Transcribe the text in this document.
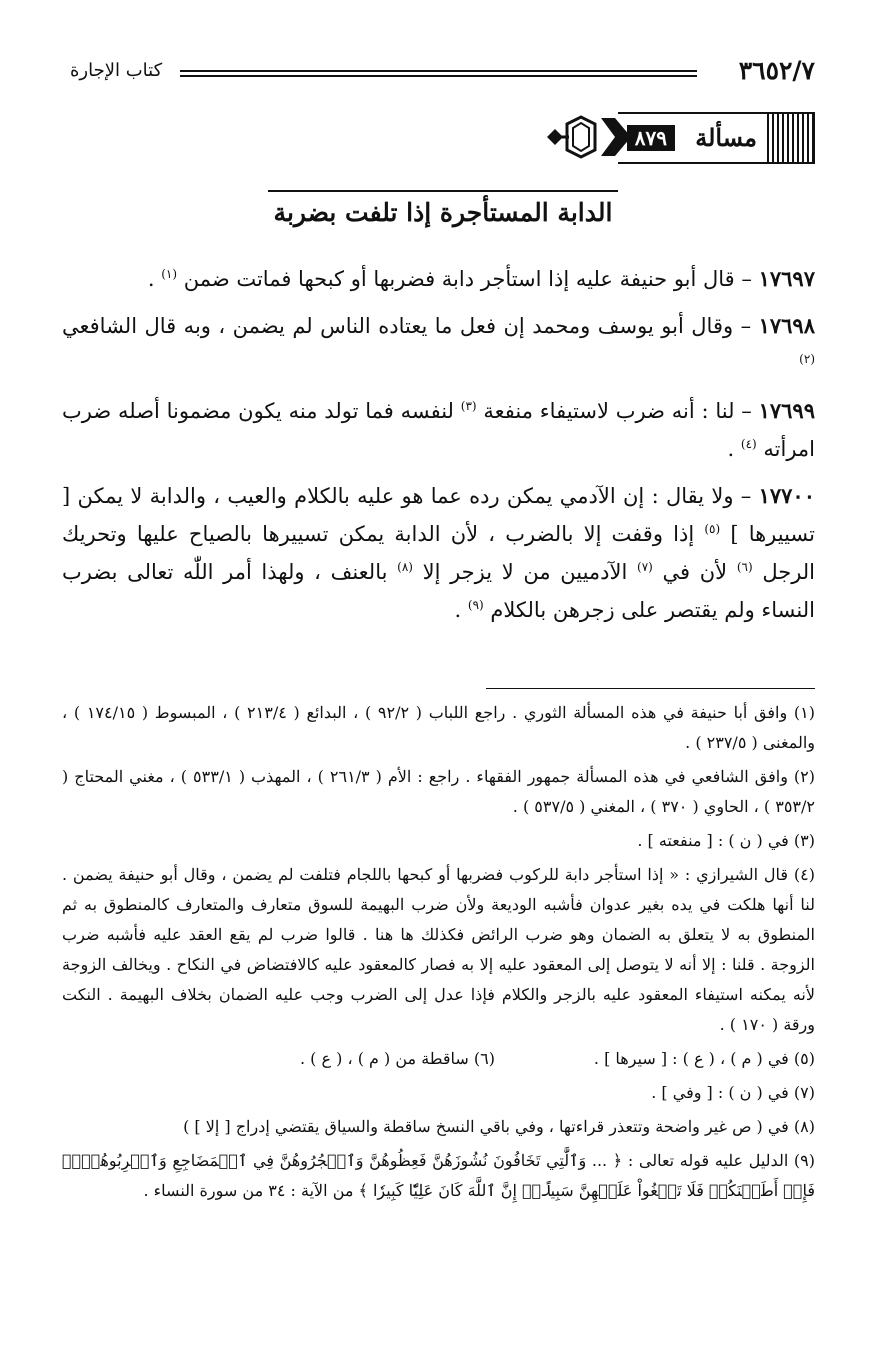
٣٦٥٢/٧
كتاب الإجارة
مسألة
٨٧٩
الدابة المستأجرة إذا تلفت بضربة

١٧٦٩٧ – قال أبو حنيفة عليه إذا استأجر دابة فضربها أو كبحها فماتت ضمن $^{(١)}$ .

١٧٦٩٨ – وقال أبو يوسف ومحمد إن فعل ما يعتاده الناس لم يضمن ، وبه قال الشافعي $^{(٢)}$

١٧٦٩٩ – لنا : أنه ضرب لاستيفاء منفعة $^{(٣)}$ لنفسه فما تولد منه يكون مضمونا أصله ضرب امرأته $^{(٤)}$ .

١٧٧٠٠ – ولا يقال : إن الآدمي يمكن رده عما هو عليه بالكلام والعيب ، والدابة لا يمكن [ تسييرها ] $^{(٥)}$ إذا وقفت إلا بالضرب ، لأن الدابة يمكن تسييرها بالصياح عليها وتحريك الرجل $^{(٦)}$ لأن في $^{(٧)}$ الآدميين من لا يزجر إلا $^{(٨)}$ بالعنف ، ولهذا أمر اللّٰه تعالى بضرب النساء ولم يقتصر على زجرهن بالكلام $^{(٩)}$ .

(١) وافق أبا حنيفة في هذه المسألة الثوري . راجع اللباب ( ٩٢/٢ ) ، البدائع ( ٢١٣/٤ ) ، المبسوط ( ١٧٤/١٥ ) ، والمغنى ( ٢٣٧/٥ ) .

(٢) وافق الشافعي في هذه المسألة جمهور الفقهاء . راجع : الأم ( ٢٦١/٣ ) ، المهذب ( ٥٣٣/١ ) ، مغني المحتاج ( ٣٥٣/٢ ) ، الحاوي ( ٣٧٠ ) ، المغني ( ٥٣٧/٥ ) .

(٣) في ( ن ) : [ منفعته ] .

(٤) قال الشيرازي : « إذا استأجر دابة للركوب فضربها أو كبحها باللجام فتلفت لم يضمن ، وقال أبو حنيفة يضمن . لنا أنها هلكت في يده بغير عدوان فأشبه الوديعة ولأن ضرب البهيمة للسوق متعارف والمتعارف كالمنطوق به ثم المنطوق به لا يتعلق به الضمان وهو ضرب الرائض فكذلك ها هنا . قالوا ضرب لم يقع العقد عليه فأشبه ضرب الزوجة . قلنا : إلا أنه لا يتوصل إلى المعقود عليه إلا به فصار كالمعقود عليه كالافتضاض في النكاح . ويخالف الزوجة لأنه يمكنه استيفاء المعقود عليه بالزجر والكلام فإذا عدل إلى الضرب وجب عليه الضمان بخلاف البهيمة . النكت ورقة ( ١٧٠ ) .

(٥) في ( م ) ، ( ع ) : [ سيرها ] .

(٦) ساقطة من ( م ) ، ( ع ) .

(٧) في ( ن ) : [ وفي ] .

(٨) في ( ص غير واضحة وتتعذر قراءتها ، وفي باقي النسخ ساقطة والسياق يقتضي إدراج [ إلا ] )

(٩) الدليل عليه قوله تعالى : ﴿ ... وَٱلَّٰتِي تَخَافُونَ نُشُوزَهُنَّ فَعِظُوهُنَّ وَٱهۡجُرُوهُنَّ فِي ٱلۡمَضَاجِعِ وَٱضۡرِبُوهُنَّۖ فَإِنۡ أَطَعۡنَكُمۡ فَلَا تَبۡغُواْ عَلَيۡهِنَّ سَبِيلًاۗ إِنَّ ٱللَّهَ كَانَ عَلِيّٗا كَبِيرٗا ﴾ من الآية : ٣٤ من سورة النساء .
